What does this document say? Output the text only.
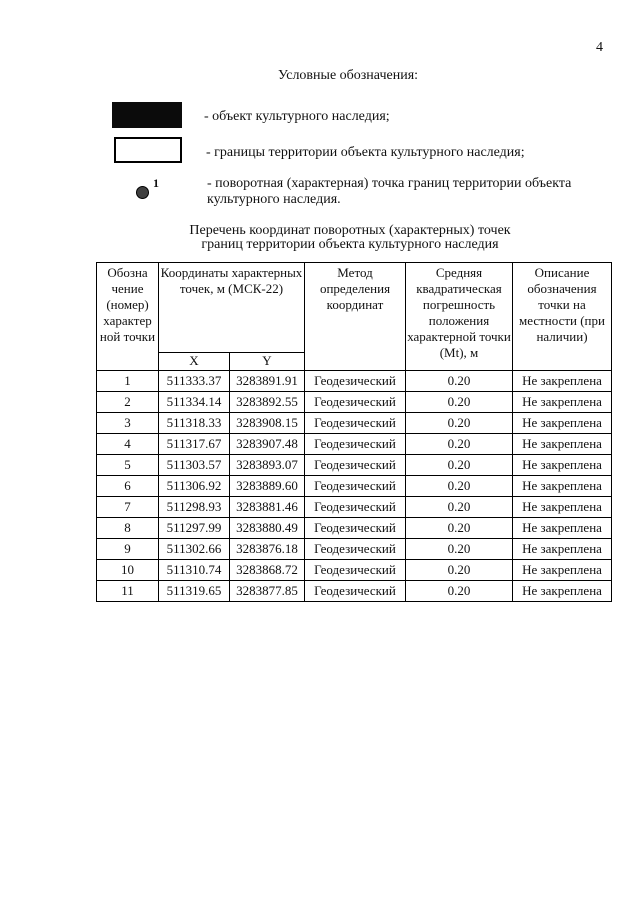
4
Условные обозначения:
- объект культурного наследия;
- границы территории объекта культурного наследия;
1	- поворотная (характерная) точка границ территории объекта культурного наследия.
Перечень координат поворотных (характерных) точек
границ территории объекта культурного наследия
Обозна чение (номер) характер ной точки	Координаты характерных точек, м (МСК-22)		Метод определения координат	Средняя квадратическая погрешность положения характерной точки (Mt), м	Описание обозначения точки на местности (при наличии)
	X	Y			
1	511333.37	3283891.91	Геодезический	0.20	Не закреплена
2	511334.14	3283892.55	Геодезический	0.20	Не закреплена
3	511318.33	3283908.15	Геодезический	0.20	Не закреплена
4	511317.67	3283907.48	Геодезический	0.20	Не закреплена
5	511303.57	3283893.07	Геодезический	0.20	Не закреплена
6	511306.92	3283889.60	Геодезический	0.20	Не закреплена
7	511298.93	3283881.46	Геодезический	0.20	Не закреплена
8	511297.99	3283880.49	Геодезический	0.20	Не закреплена
9	511302.66	3283876.18	Геодезический	0.20	Не закреплена
10	511310.74	3283868.72	Геодезический	0.20	Не закреплена
11	511319.65	3283877.85	Геодезический	0.20	Не закреплена
